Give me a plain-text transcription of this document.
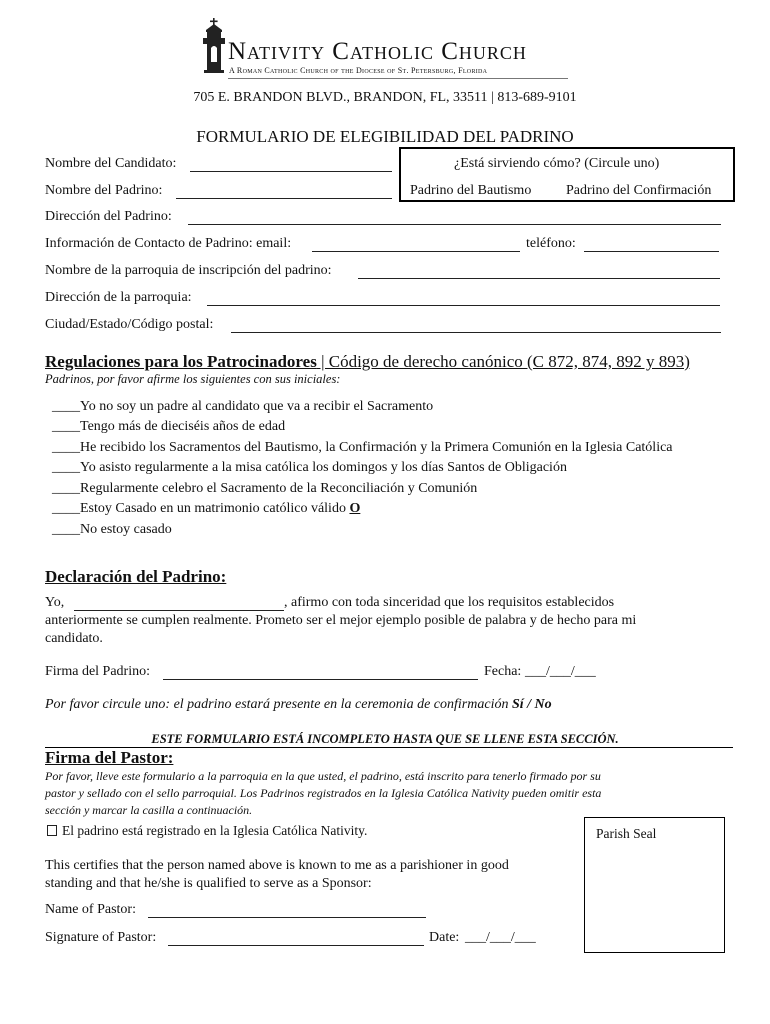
Nativity Catholic Church
A Roman Catholic Church of the Diocese of St. Petersburg, Florida
705 E. BRANDON BLVD., BRANDON, FL, 33511 | 813-689-9101
FORMULARIO DE ELEGIBILIDAD DEL PADRINO
¿Está sirviendo cómo? (Circule uno)
Padrino del Bautismo Padrino del Confirmación
Nombre del Candidato:
Nombre del Padrino:
Dirección del Padrino:
Información de Contacto de Padrino: email:	teléfono:
Nombre de la parroquia de inscripción del padrino:
Dirección de la parroquia:
Ciudad/Estado/Código postal:
Regulaciones para los Patrocinadores | Código de derecho canónico (C 872, 874, 892 y 893)
Padrinos, por favor afirme los siguientes con sus iniciales:
____Yo no soy un padre al candidato que va a recibir el Sacramento
____Tengo más de dieciséis años de edad
____He recibido los Sacramentos del Bautismo, la Confirmación y la Primera Comunión en la Iglesia Católica
____Yo asisto regularmente a la misa católica los domingos y los días Santos de Obligación
____Regularmente celebro el Sacramento de la Reconciliación y Comunión
____Estoy Casado en un matrimonio católico válido O
____No estoy casado
Declaración del Padrino:
Yo,	, afirmo con toda sinceridad que los requisitos establecidos
anteriormente se cumplen realmente. Prometo ser el mejor ejemplo posible de palabra y de hecho para mi
candidato.
Firma del Padrino:	Fecha: ___/___/___
Por favor circule uno: el padrino estará presente en la ceremonia de confirmación Sí / No
ESTE FORMULARIO ESTÁ INCOMPLETO HASTA QUE SE LLENE ESTA SECCIÓN.
Firma del Pastor:
Por favor, lleve este formulario a la parroquia en la que usted, el padrino, está inscrito para tenerlo firmado por su
pastor y sellado con el sello parroquial. Los Padrinos registrados en la Iglesia Católica Nativity pueden omitir esta
sección y marcar la casilla a continuación.
El padrino está registrado en la Iglesia Católica Nativity.	Parish Seal
This certifies that the person named above is known to me as a parishioner in good
standing and that he/she is qualified to serve as a Sponsor:
Name of Pastor:
Signature of Pastor:	Date: ___/___/___
